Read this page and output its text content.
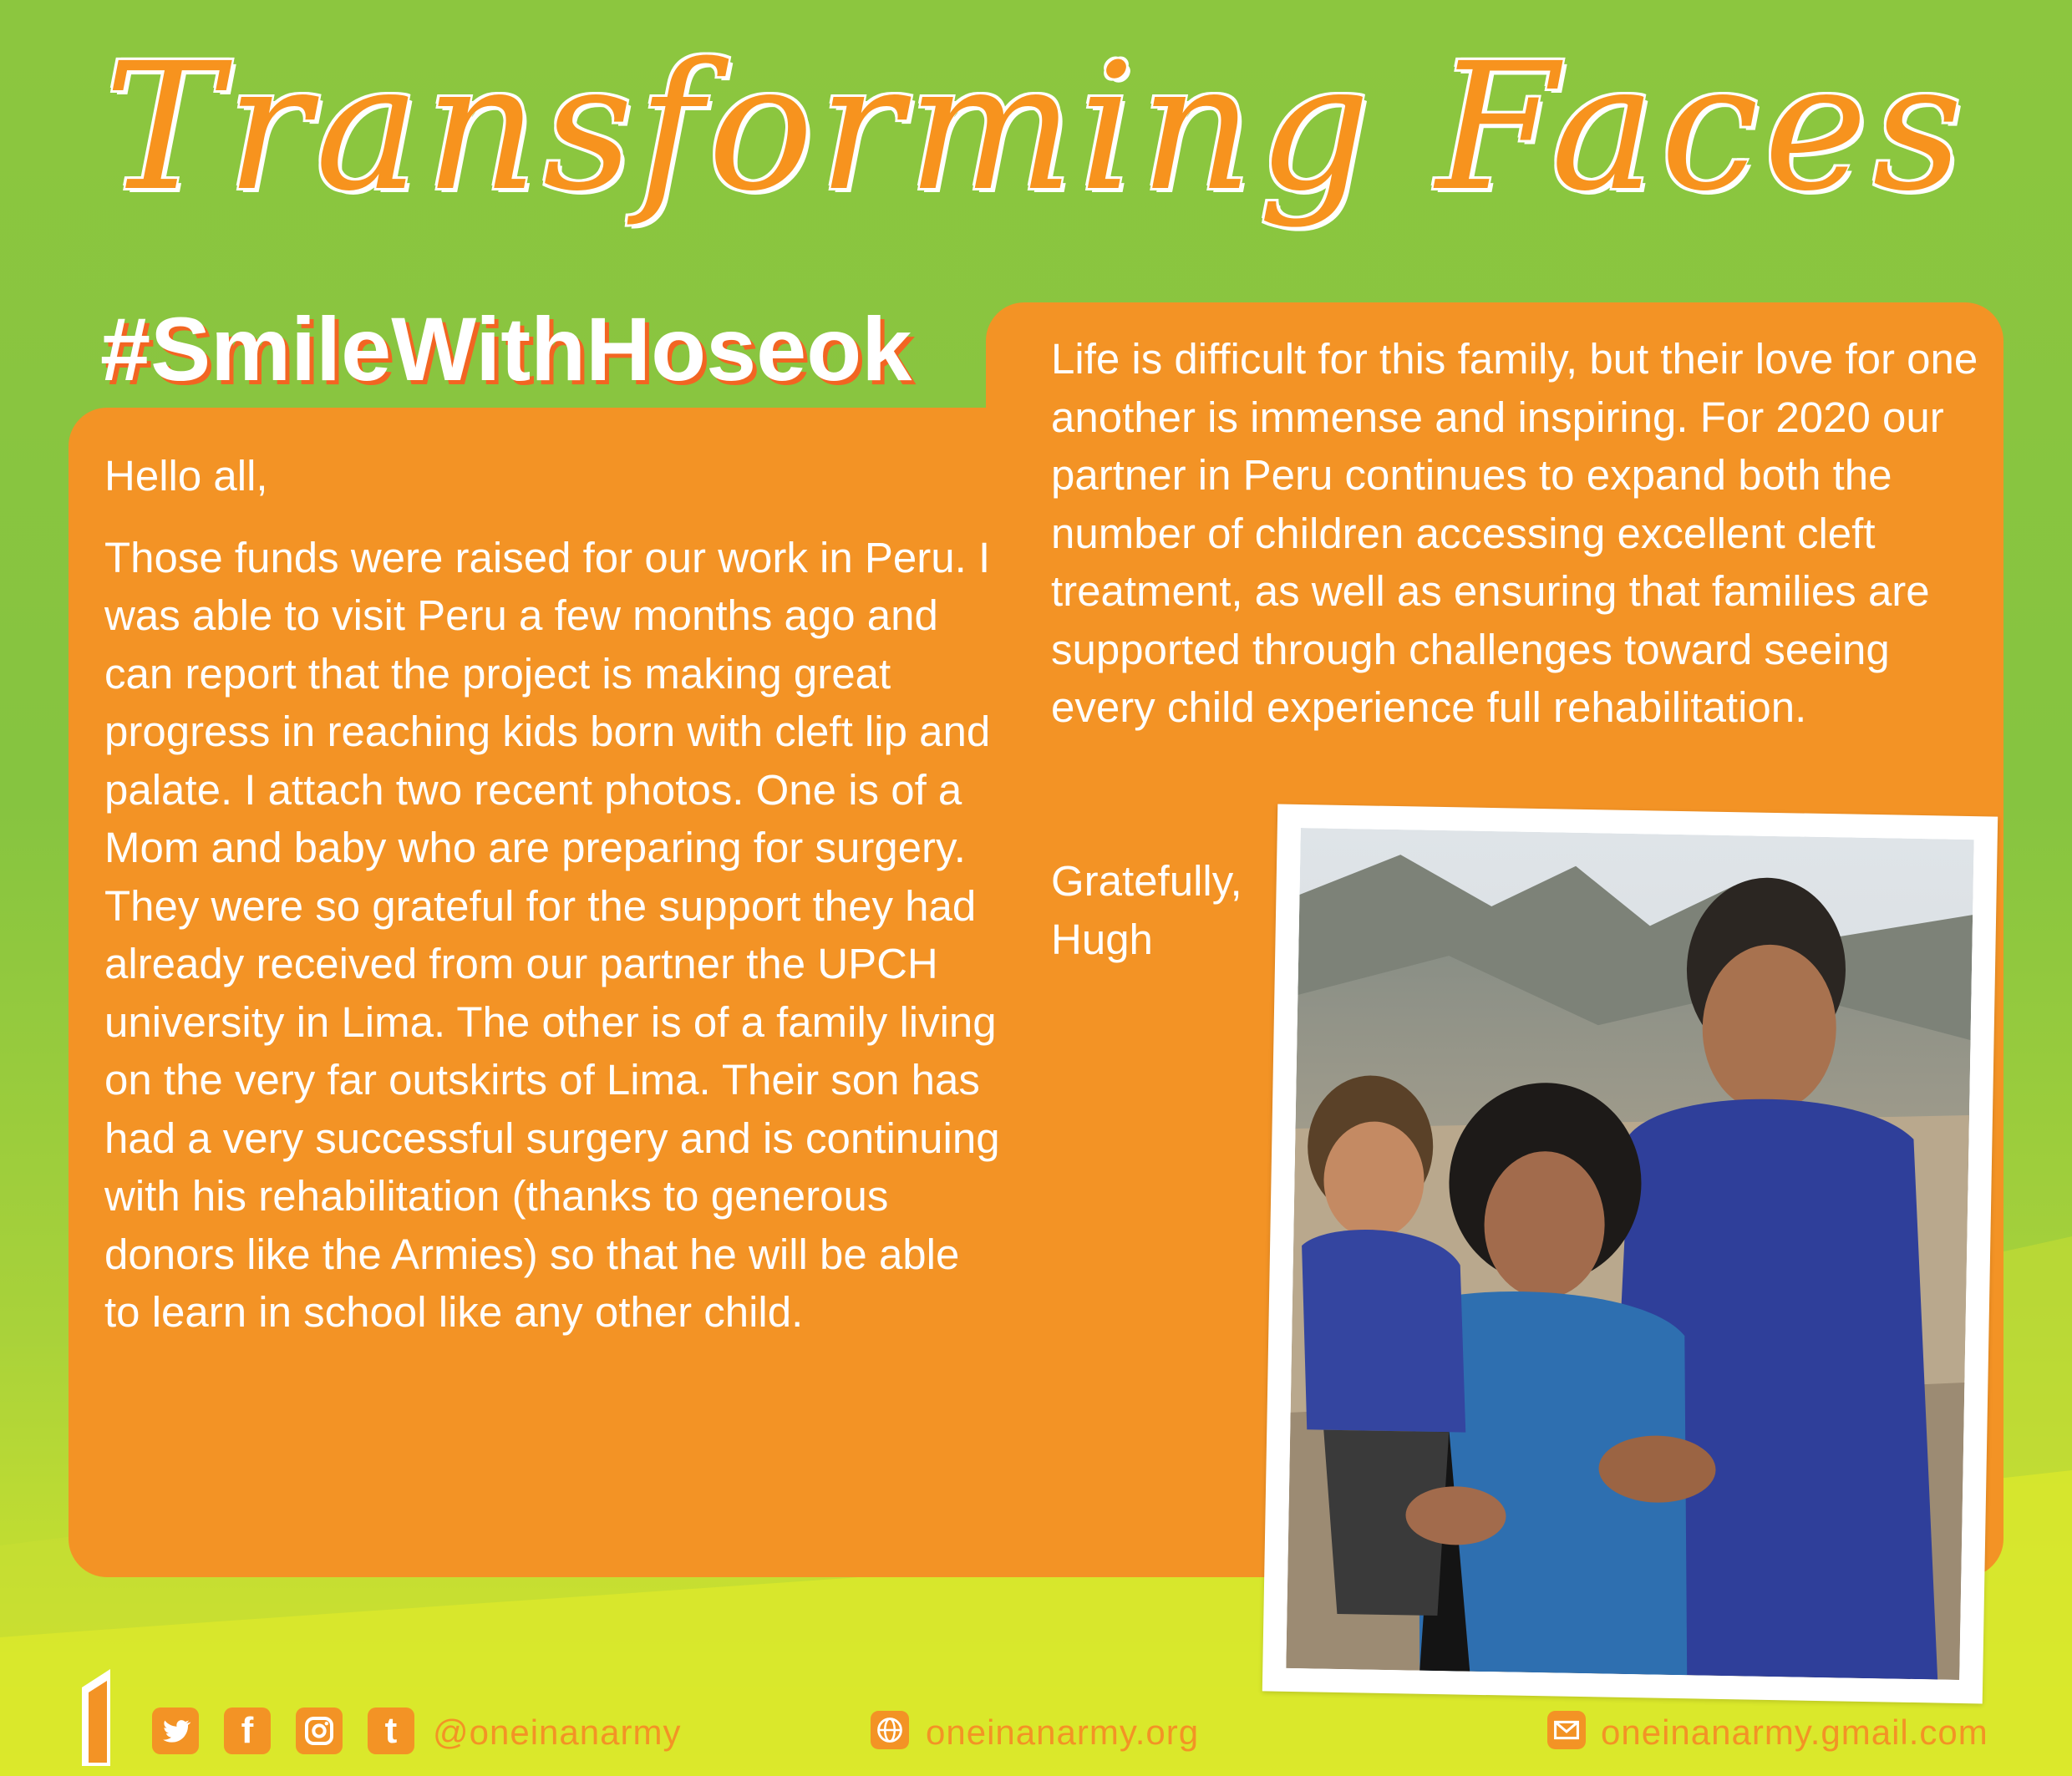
Transforming Faces
#SmileWithHoseok

Hello all,

Those funds were raised for our work in Peru. I was able to visit Peru a few months ago and can report that the project is making great progress in reaching kids born with cleft lip and palate. I attach two recent photos. One is of a Mom and baby who are preparing for surgery. They were so grateful for the support they had already received from our partner the UPCH university in Lima. The other is of a family living on the very far outskirts of Lima. Their son has had a very successful surgery and is continuing with his rehabilitation (thanks to generous donors like the Armies) so that he will be able to learn in school like any other child.

Life is difficult for this family, but their love for one another is immense and inspiring. For 2020 our partner in Peru continues to expand both the number of children accessing excellent cleft treatment, as well as ensuring that families are supported through challenges toward seeing every child experience full rehabilitation.
Gratefully,
Hugh
f	t	@oneinanarmy	oneinanarmy.org	oneinanarmy.gmail.com
